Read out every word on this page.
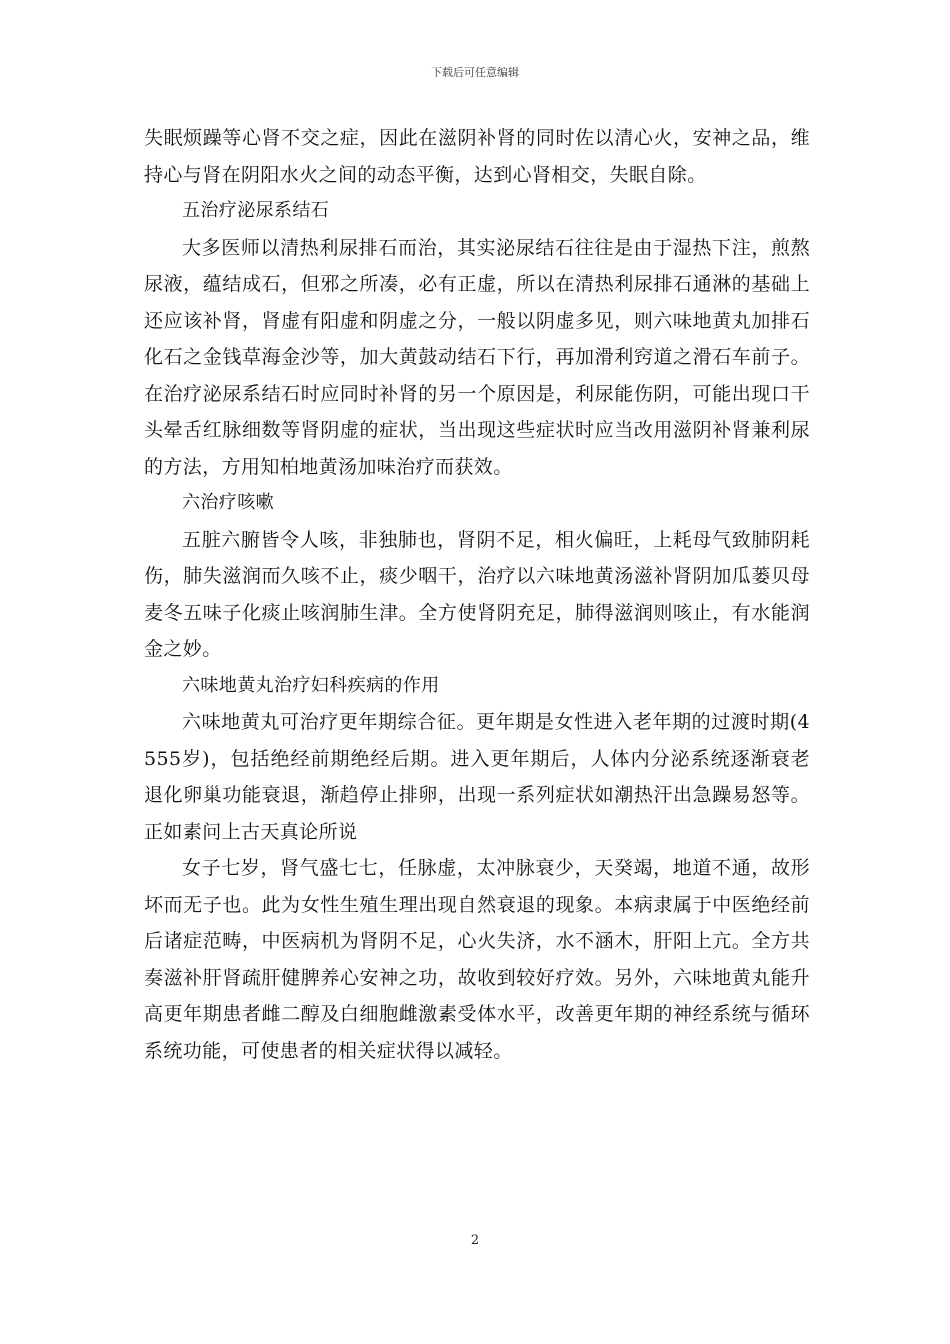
下载后可任意编辑

失眠烦躁等心肾不交之症，因此在滋阴补肾的同时佐以清心火，安神之品，维持心与肾在阴阳水火之间的动态平衡，达到心肾相交，失眠自除。

五治疗泌尿系结石

大多医师以清热利尿排石而治，其实泌尿结石往往是由于湿热下注，煎熬尿液，蕴结成石，但邪之所凑，必有正虚，所以在清热利尿排石通淋的基础上还应该补肾，肾虚有阳虚和阴虚之分，一般以阴虚多见，则六味地黄丸加排石化石之金钱草海金沙等，加大黄鼓动结石下行，再加滑利窍道之滑石车前子。在治疗泌尿系结石时应同时补肾的另一个原因是，利尿能伤阴，可能出现口干头晕舌红脉细数等肾阴虚的症状，当出现这些症状时应当改用滋阴补肾兼利尿的方法，方用知柏地黄汤加味治疗而获效。

六治疗咳嗽

五脏六腑皆令人咳，非独肺也，肾阴不足，相火偏旺，上耗母气致肺阴耗伤，肺失滋润而久咳不止，痰少咽干，治疗以六味地黄汤滋补肾阴加瓜蒌贝母麦冬五味子化痰止咳润肺生津。全方使肾阴充足，肺得滋润则咳止，有水能润金之妙。

六味地黄丸治疗妇科疾病的作用

六味地黄丸可治疗更年期综合征。更年期是女性进入老年期的过渡时期(4555岁)，包括绝经前期绝经后期。进入更年期后，人体内分泌系统逐渐衰老退化卵巢功能衰退，渐趋停止排卵，出现一系列症状如潮热汗出急躁易怒等。正如素问上古天真论所说

女子七岁，肾气盛七七，任脉虚，太冲脉衰少，天癸竭，地道不通，故形坏而无子也。此为女性生殖生理出现自然衰退的现象。本病隶属于中医绝经前后诸症范畴，中医病机为肾阴不足，心火失济，水不涵木，肝阳上亢。全方共奏滋补肝肾疏肝健脾养心安神之功，故收到较好疗效。另外，六味地黄丸能升高更年期患者雌二醇及白细胞雌激素受体水平，改善更年期的神经系统与循环系统功能，可使患者的相关症状得以减轻。

2
